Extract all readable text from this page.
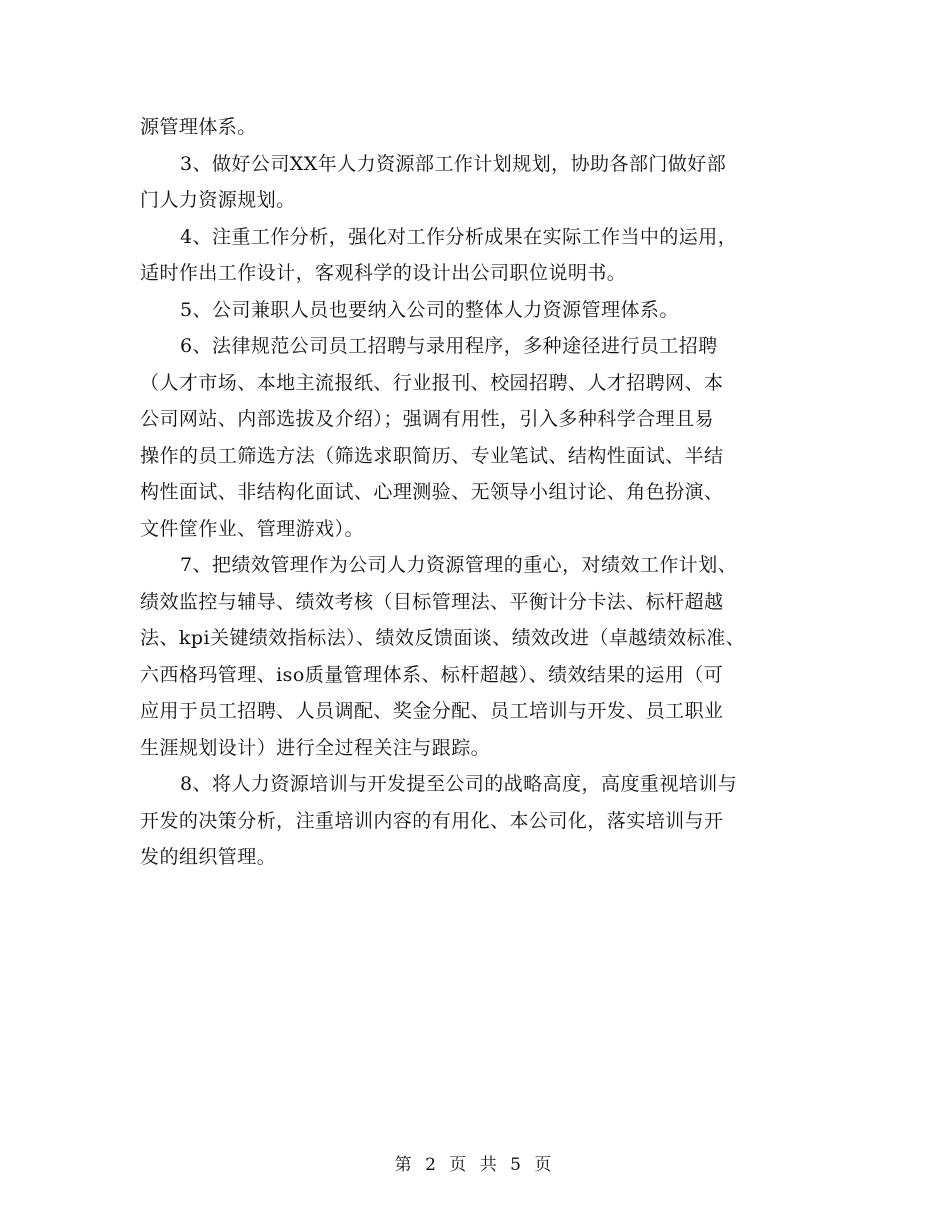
源管理体系。
3、做好公司XX年人力资源部工作计划规划，协助各部门做好部
门人力资源规划。
4、注重工作分析，强化对工作分析成果在实际工作当中的运用，
适时作出工作设计，客观科学的设计出公司职位说明书。
5、公司兼职人员也要纳入公司的整体人力资源管理体系。
6、法律规范公司员工招聘与录用程序，多种途径进行员工招聘
（人才市场、本地主流报纸、行业报刊、校园招聘、人才招聘网、本
公司网站、内部选拔及介绍）；强调有用性，引入多种科学合理且易
操作的员工筛选方法（筛选求职简历、专业笔试、结构性面试、半结
构性面试、非结构化面试、心理测验、无领导小组讨论、角色扮演、
文件筐作业、管理游戏）。
7、把绩效管理作为公司人力资源管理的重心，对绩效工作计划、
绩效监控与辅导、绩效考核（目标管理法、平衡计分卡法、标杆超越
法、kpi关键绩效指标法）、绩效反馈面谈、绩效改进（卓越绩效标准、
六西格玛管理、iso质量管理体系、标杆超越）、绩效结果的运用（可
应用于员工招聘、人员调配、奖金分配、员工培训与开发、员工职业
生涯规划设计）进行全过程关注与跟踪。
8、将人力资源培训与开发提至公司的战略高度，高度重视培训与
开发的决策分析，注重培训内容的有用化、本公司化，落实培训与开
发的组织管理。
第 2 页 共 5 页
